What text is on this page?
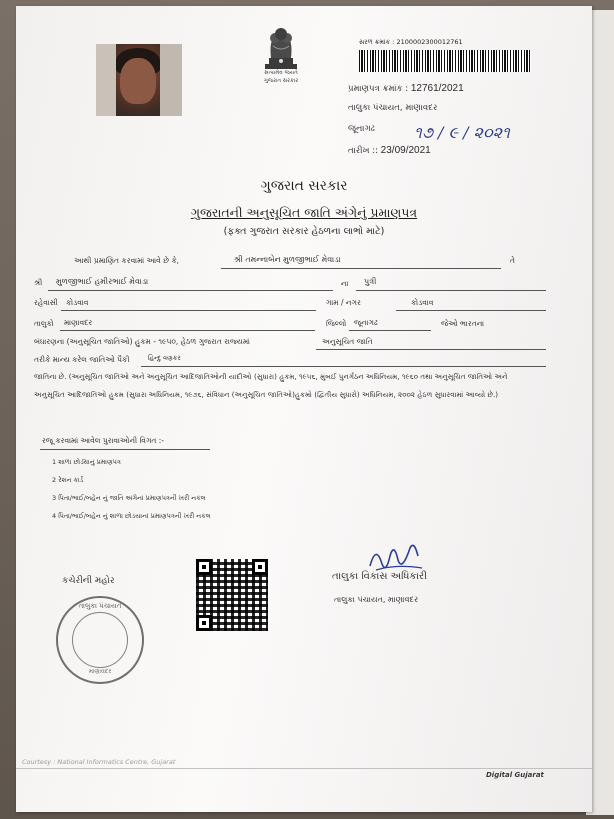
સત્યમેવ જયતે
ગુજરાત સરકાર
સરળ ક્રમાંક : 2100002300012761
પ્રમાણપત્ર ક્રમાંક : 12761/2021
તાલુકા પંચાયત, માણાવદર
જૂનાગઢ ૧૭ / ૯ / ૨૦૨૧
તારીખ :: 23/09/2021
ગુજરાત સરકાર
ગુજરાતની અનુસૂચિત જાતિ અંગેનું પ્રમાણપત્ર
(ફક્ત ગુજરાત સરકાર હેઠળના લાભો માટે)
આથી પ્રમાણિત કરવામાં આવે છે કે,	શ્રી તમન્નાબેન મુળજીભાઈ મેવાડા	તે
શ્રી મુળજીભાઈ હમીરભાઈ મેવાડા	ના પુત્રી
રહેવાસી કોડવાવ	ગામ / નગર	કોડવાવ
તાલુકો માણાવદર	જિલ્લો જૂનાગઢ	જેઓ ભારતના
બંધારણના (અનુસૂચિત જાતિઓ) હુકમ - ૧૯૫૦, હેઠળ ગુજરાત રાજ્યમાં	અનુસૂચિત જાતિ
તરીકે માન્ય કરેલ જાતિઓ પૈકી	હિન્દુ વણકર
જાતિના છે. (અનુસૂચિત જાતિઓ અને અનુસૂચિત આદિજાતિઓની યાદીઓ (સુધારા) હુકમ, ૧૯૫૬, મુંબઈ પુનર્ગઠન અધિનિયમ, ૧૯૬૦ તથા અનુસૂચિત જાતિઓ અને અનુસૂચિત આદિજાતિઓ હુકમ (સુધારા અધિનિયમ, ૧૯૭૬, સંવિધાન (અનુસૂચિત જાતિઓ)હુકમો (દ્વિતીય સુધારો) અધિનિયમ, ૨૦૦૨ હેઠળ સુધારવામાં આવ્યો છે.)
રજૂ કરવામાં આવેલ પુરાવાઓની વિગત :-
1 શાળા છોડ્યાનું પ્રમાણપત્ર
2 રેશન કાર્ડ
3 પિતા/ભાઈ/બહેન નું જાતિ અંગેનાં પ્રમાણપત્રની ખરી નકલ
4 પિતા/ભાઈ/બહેન નું શાળા છોડયાનાં પ્રમાણપત્રની ખરી નકલ
કચેરીની મહોર
તાલુકા પંચાયત
માણાવદર
તાલુકા વિકાસ અધિકારી
તાલુકા પંચાયત, માણાવદર
Courtesy : National Informatics Centre, Gujarat
Digital Gujarat
